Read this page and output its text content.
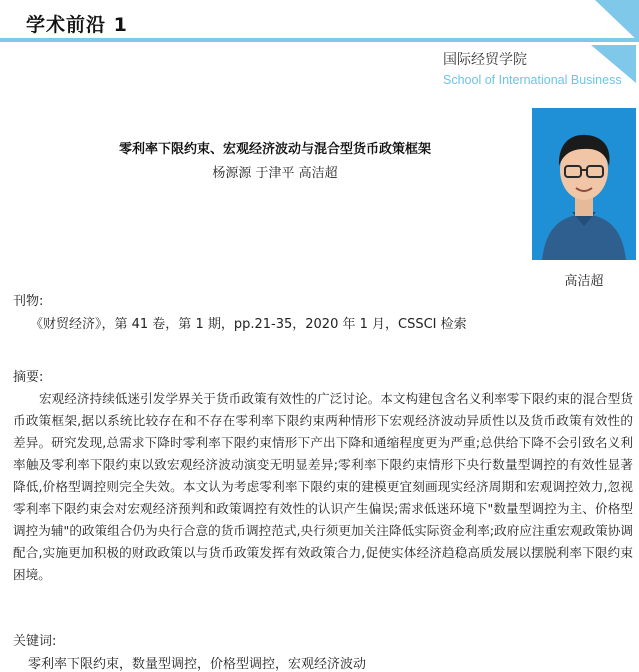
学术前沿 1
国际经贸学院
School of International Business
零利率下限约束、宏观经济波动与混合型货币政策框架
杨源源 于津平 高洁超
高洁超
刊物:
《财贸经济》，第 41 卷，第 1 期，pp.21-35，2020 年 1 月，CSSCI 检索
摘要:

宏观经济持续低迷引发学界关于货币政策有效性的广泛讨论。本文构建包含名义利率零下限约束的混合型货币政策框架,据以系统比较存在和不存在零利率下限约束两种情形下宏观经济波动异质性以及货币政策有效性的差异。研究发现,总需求下降时零利率下限约束情形下产出下降和通缩程度更为严重;总供给下降不会引致名义利率触及零利率下限约束以致宏观经济波动演变无明显差异;零利率下限约束情形下央行数量型调控的有效性显著降低,价格型调控则完全失效。本文认为考虑零利率下限约束的建模更宜刻画现实经济周期和宏观调控效力,忽视零利率下限约束会对宏观经济预判和政策调控有效性的认识产生偏误;需求低迷环境下"数量型调控为主、价格型调控为辅"的政策组合仍为央行合意的货币调控范式,央行须更加关注降低实际资金利率;政府应注重宏观政策协调配合,实施更加积极的财政政策以与货币政策发挥有效政策合力,促使实体经济趋稳高质发展以摆脱利率下限约束困境。

关键词:
零利率下限约束，数量型调控，价格型调控，宏观经济波动
